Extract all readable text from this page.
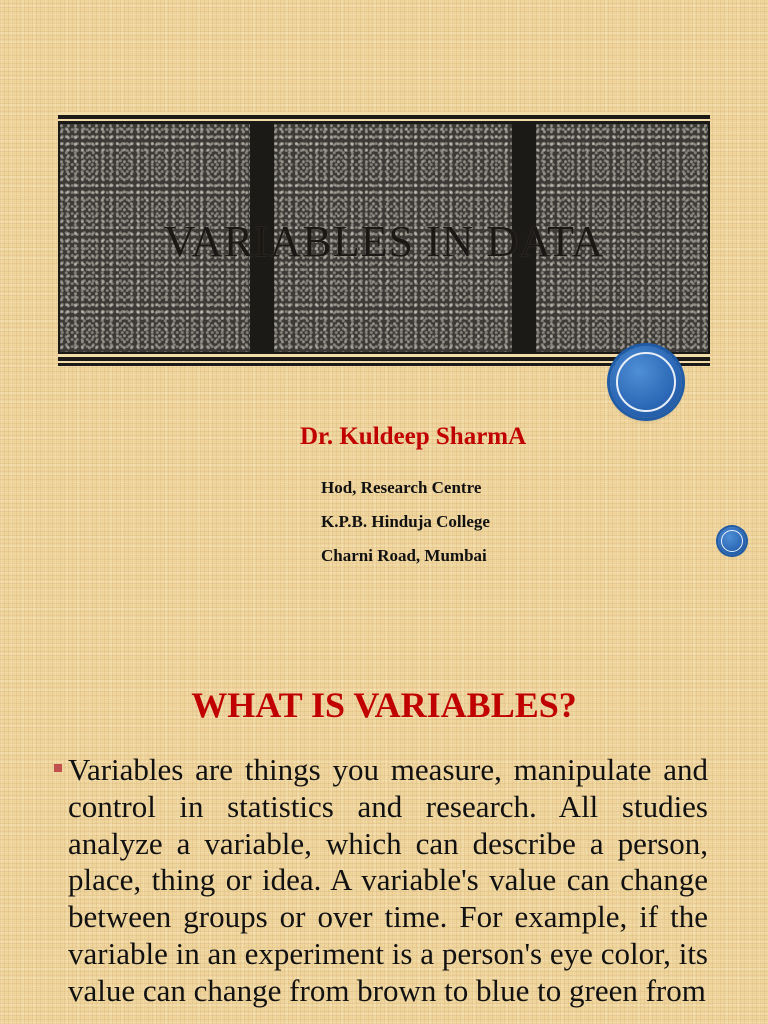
VARIABLES IN DATA
Dr. Kuldeep SharmA
Hod, Research Centre
K.P.B. Hinduja College
Charni Road, Mumbai
WHAT IS VARIABLES?

Variables are things you measure, manipulate and control in statistics and research. All studies analyze a variable, which can describe a person, place, thing or idea. A variable's value can change between groups or over time. For example, if the variable in an experiment is a person's eye color, its value can change from brown to blue to green from
